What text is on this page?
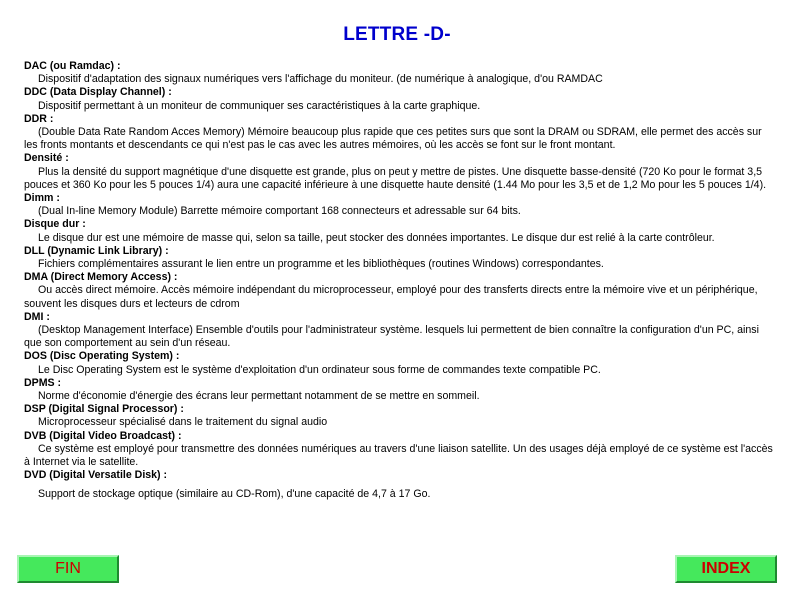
LETTRE -D-
DAC (ou Ramdac) :
Dispositif d'adaptation des signaux numériques vers l'affichage du moniteur. (de numérique à analogique, d'ou RAMDAC
DDC (Data Display Channel) :
Dispositif permettant à un moniteur de communiquer ses caractéristiques à la carte graphique.
DDR :
(Double Data Rate Random Acces Memory) Mémoire beaucoup plus rapide que ces petites surs que sont la DRAM ou SDRAM, elle permet des accès sur les fronts montants et descendants ce qui n'est pas le cas avec les autres mémoires, où les accès se font sur le front montant.
Densité :
Plus la densité du support magnétique d'une disquette est grande, plus on peut y mettre de pistes. Une disquette basse-densité (720 Ko pour le format 3,5 pouces et 360 Ko pour les 5 pouces 1/4) aura une capacité inférieure à une disquette haute densité (1.44 Mo pour les 3,5 et de 1,2 Mo pour les 5 pouces 1/4).
Dimm :
(Dual In-line Memory Module) Barrette mémoire comportant 168 connecteurs et adressable sur 64 bits.
Disque dur :
Le disque dur est une mémoire de masse qui, selon sa taille, peut stocker des données importantes. Le disque dur est relié à la carte contrôleur.
DLL (Dynamic Link Library) :
Fichiers complémentaires assurant le lien entre un programme et les bibliothèques (routines Windows) correspondantes.
DMA (Direct Memory Access) :
Ou accès direct mémoire. Accès mémoire indépendant du microprocesseur, employé pour des transferts directs entre la mémoire vive et un périphérique, souvent les disques durs et lecteurs de cdrom
DMI :
(Desktop Management Interface) Ensemble d'outils pour l'administrateur système. lesquels lui permettent de bien connaître la configuration d'un PC, ainsi que son comportement au sein d'un réseau.
DOS (Disc Operating System) :
Le Disc Operating System est le système d'exploitation d'un ordinateur sous forme de commandes texte compatible PC.
DPMS :
Norme d'économie d'énergie des écrans leur permettant notamment de se mettre en sommeil.
DSP (Digital Signal Processor) :
Microprocesseur spécialisé dans le traitement du signal audio
DVB (Digital Video Broadcast) :
Ce système est employé pour transmettre des données numériques au travers d'une liaison satellite. Un des usages déjà employé de ce système est l'accès à Internet via le satellite.
DVD (Digital Versatile Disk) :
Support de stockage optique (similaire au CD-Rom), d'une capacité de 4,7 à 17 Go.
FIN	INDEX
